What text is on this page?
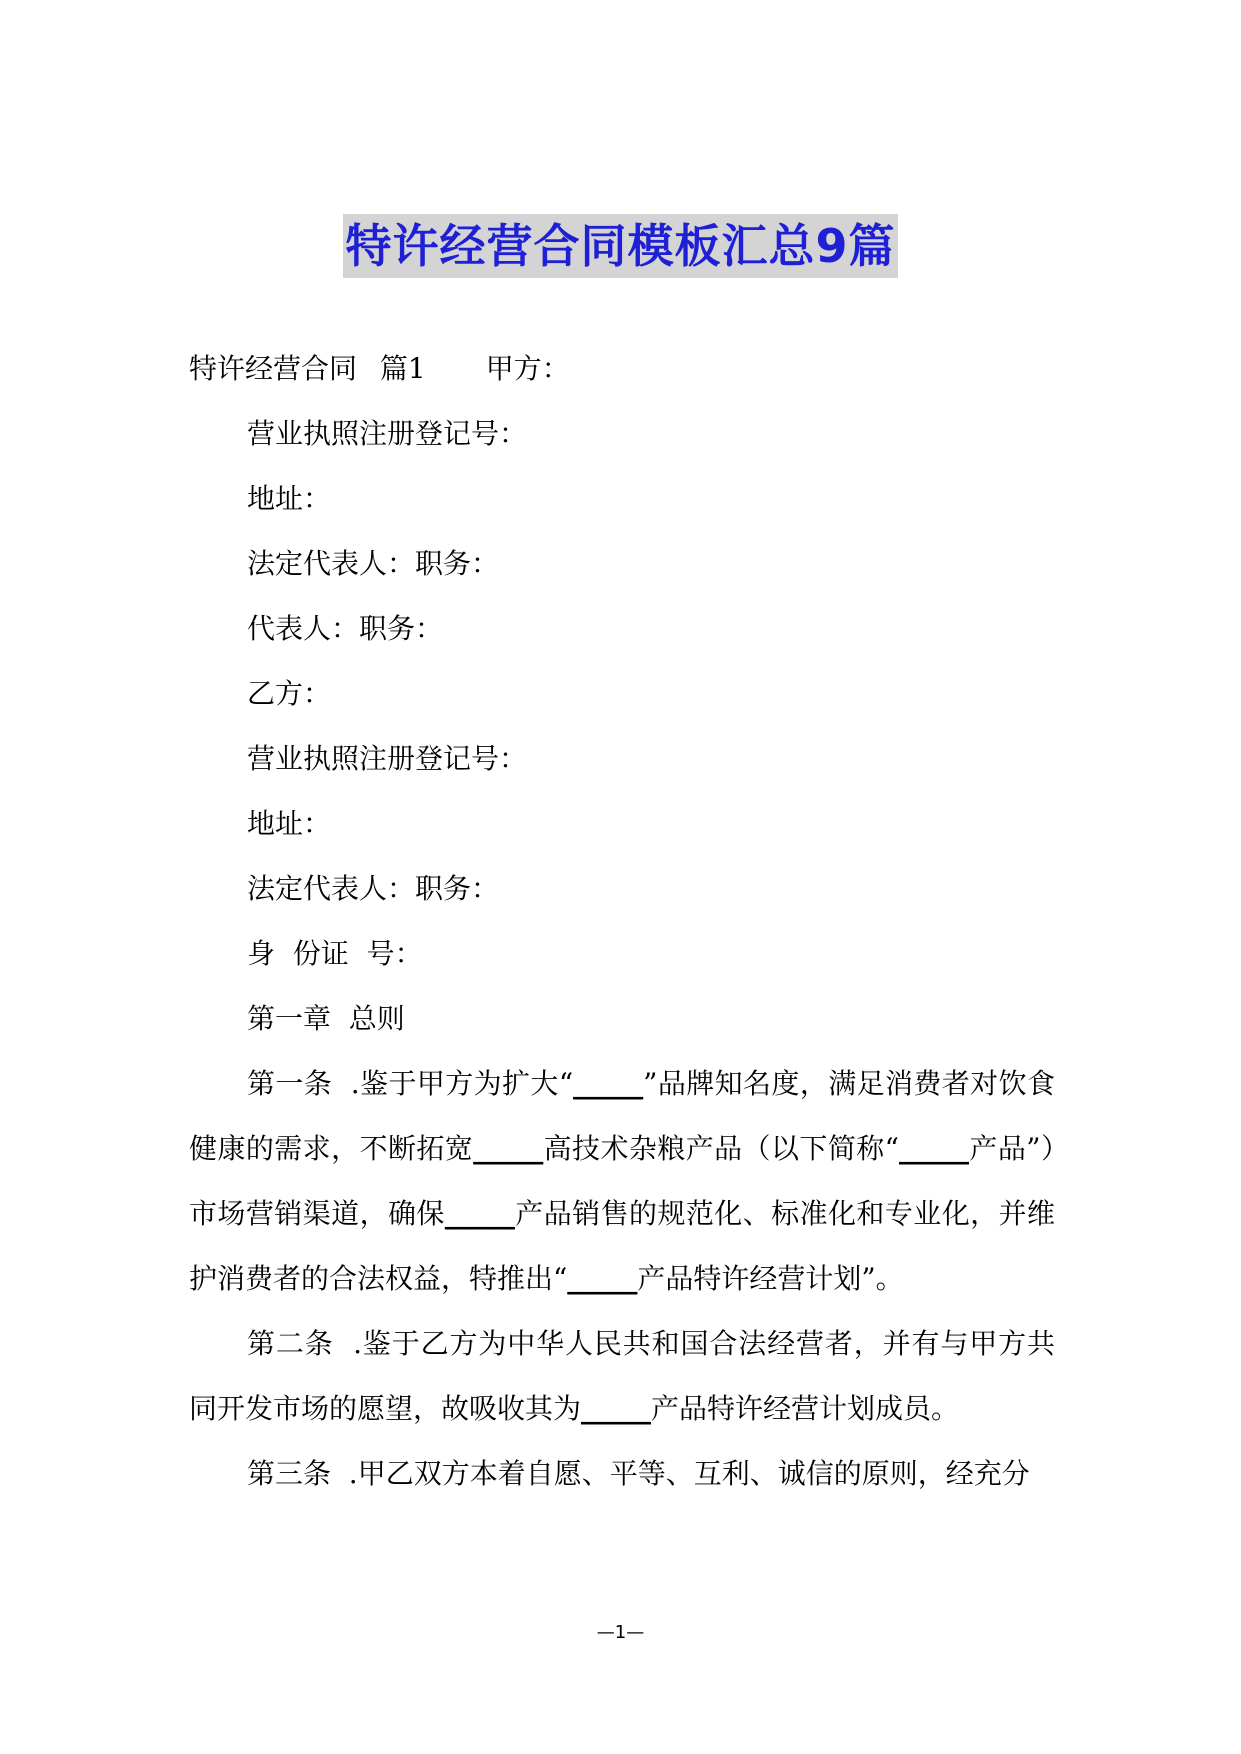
特许经营合同模板汇总9篇
特许经营合同 篇1 甲方：
营业执照注册登记号：
地址：
法定代表人：职务：
代表人：职务：
乙方：
营业执照注册登记号：
地址：
法定代表人：职务：
身  份证  号：
第一章  总则
第一条  .鉴于甲方为扩大“_____”品牌知名度，满足消费者对饮食健康的需求，不断拓宽_____高技术杂粮产品（以下简称“_____产品”）市场营销渠道，确保_____产品销售的规范化、标准化和专业化，并维护消费者的合法权益，特推出“_____产品特许经营计划”。
第二条  .鉴于乙方为中华人民共和国合法经营者，并有与甲方共同开发市场的愿望，故吸收其为_____产品特许经营计划成员。
第三条  .甲乙双方本着自愿、平等、互利、诚信的原则，经充分
—1—
